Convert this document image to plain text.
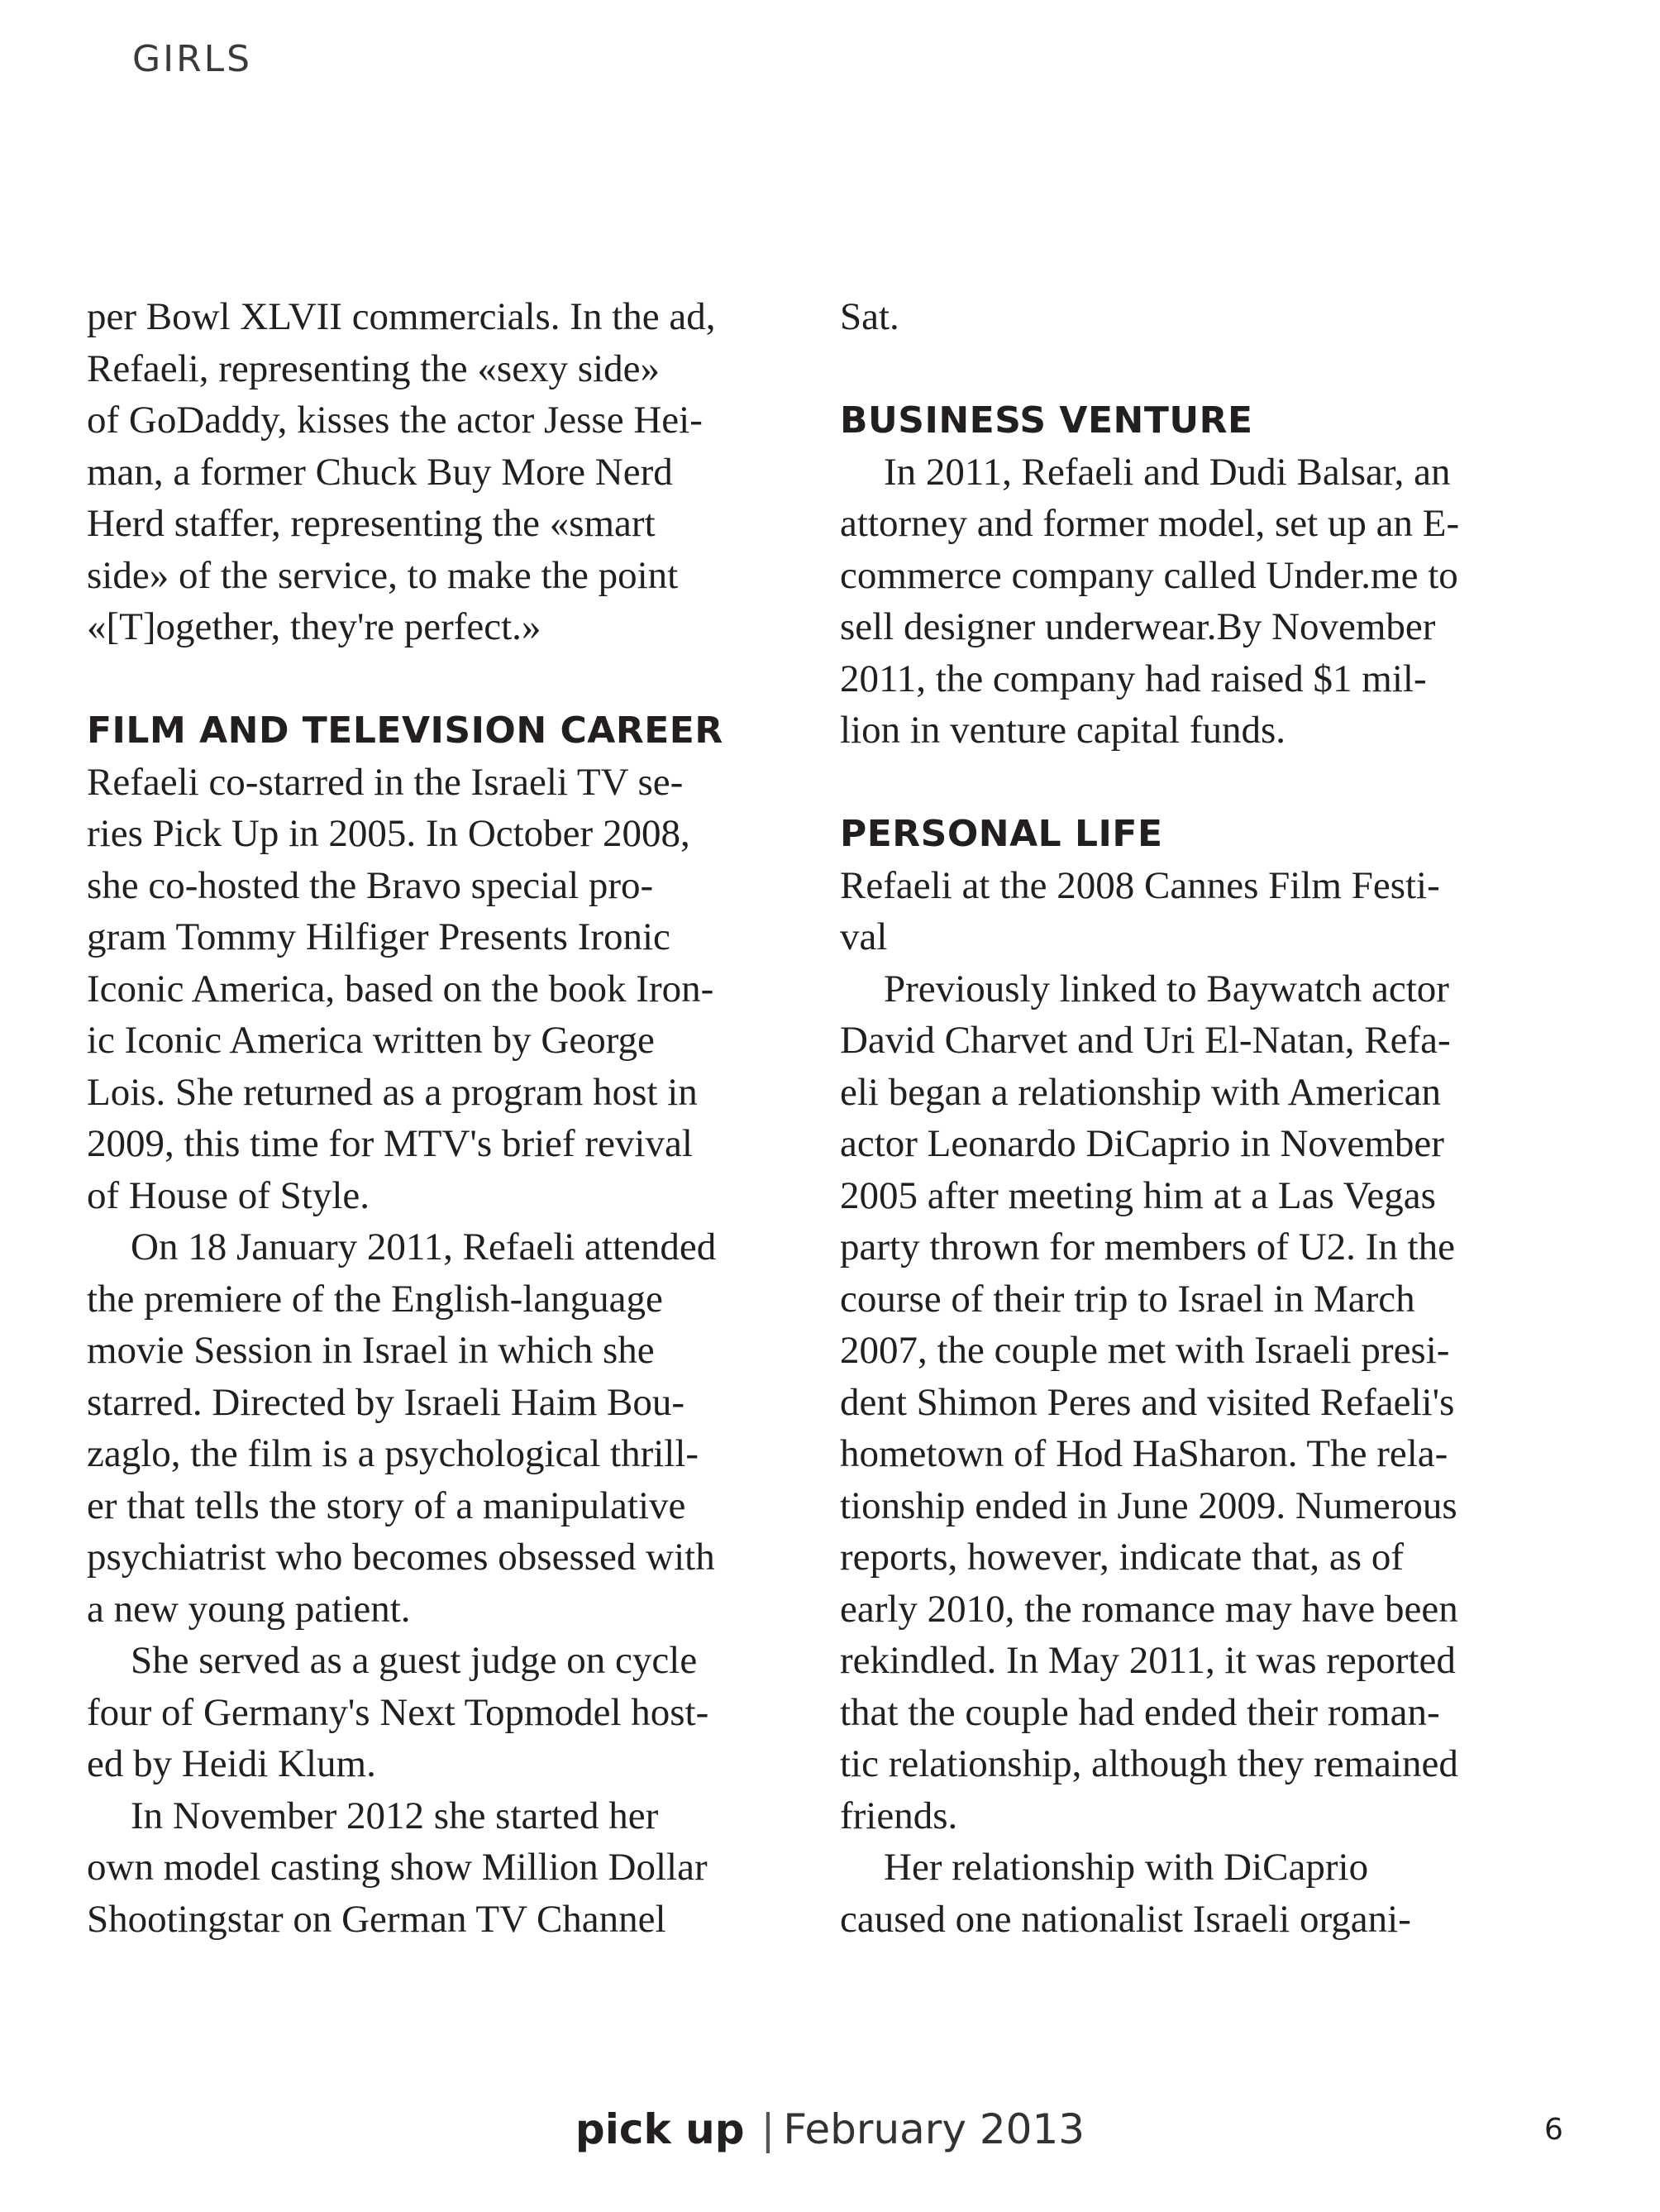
GIRLS
per Bowl XLVII commercials. In the ad,
Refaeli, representing the «sexy side»
of GoDaddy, kisses the actor Jesse Hei-
man, a former Chuck Buy More Nerd
Herd staffer, representing the «smart
side» of the service, to make the point
«[T]ogether, they're perfect.»
FILM AND TELEVISION CAREER
Refaeli co-starred in the Israeli TV se-
ries Pick Up in 2005. In October 2008,
she co-hosted the Bravo special pro-
gram Tommy Hilfiger Presents Ironic
Iconic America, based on the book Iron-
ic Iconic America written by George
Lois. She returned as a program host in
2009, this time for MTV's brief revival
of House of Style.
On 18 January 2011, Refaeli attended
the premiere of the English-language
movie Session in Israel in which she
starred. Directed by Israeli Haim Bou-
zaglo, the film is a psychological thrill-
er that tells the story of a manipulative
psychiatrist who becomes obsessed with
a new young patient.
She served as a guest judge on cycle
four of Germany's Next Topmodel host-
ed by Heidi Klum.
In November 2012 she started her
own model casting show Million Dollar
Shootingstar on German TV Channel
Sat.
BUSINESS VENTURE
In 2011, Refaeli and Dudi Balsar, an
attorney and former model, set up an E-
commerce company called Under.me to
sell designer underwear.By November
2011, the company had raised $1 mil-
lion in venture capital funds.
PERSONAL LIFE
Refaeli at the 2008 Cannes Film Festi-
val
Previously linked to Baywatch actor
David Charvet and Uri El-Natan, Refa-
eli began a relationship with American
actor Leonardo DiCaprio in November
2005 after meeting him at a Las Vegas
party thrown for members of U2. In the
course of their trip to Israel in March
2007, the couple met with Israeli presi-
dent Shimon Peres and visited Refaeli's
hometown of Hod HaSharon. The rela-
tionship ended in June 2009. Numerous
reports, however, indicate that, as of
early 2010, the romance may have been
rekindled. In May 2011, it was reported
that the couple had ended their roman-
tic relationship, although they remained
friends.
Her relationship with DiCaprio
caused one nationalist Israeli organi-
pick up | February 2013	6
